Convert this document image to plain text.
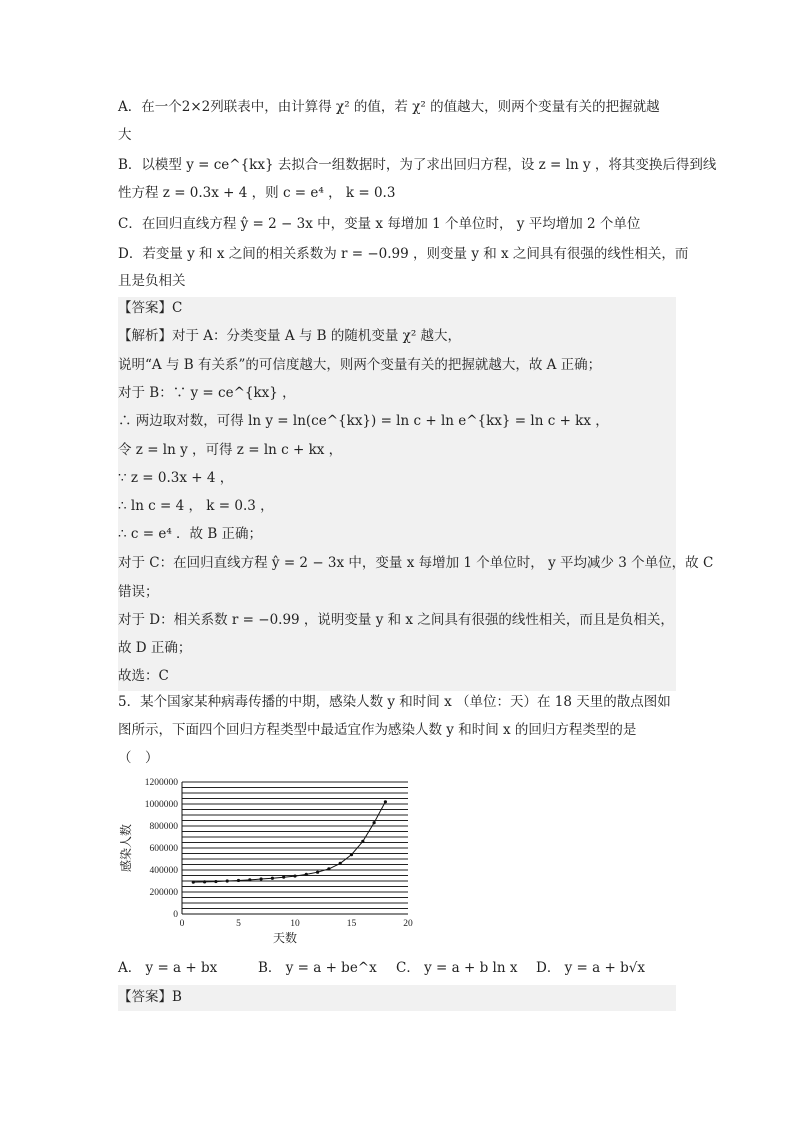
A．在一个2×2列联表中，由计算得 χ² 的值，若 χ² 的值越大，则两个变量有关的把握就越
大
B．以模型 y = ce^{kx} 去拟合一组数据时，为了求出回归方程，设 z = ln y ，将其变换后得到线
性方程 z = 0.3x + 4 ，则 c = e⁴ ， k = 0.3
C．在回归直线方程 ŷ = 2 − 3x 中，变量 x 每增加 1 个单位时， y 平均增加 2 个单位
D．若变量 y 和 x 之间的相关系数为 r = −0.99 ，则变量 y 和 x 之间具有很强的线性相关，而
且是负相关
【答案】C
【解析】对于 A：分类变量 A 与 B 的随机变量 χ² 越大，
说明“A 与 B 有关系”的可信度越大，则两个变量有关的把握就越大，故 A 正确；
对于 B：∵ y = ce^{kx} ，
∴ 两边取对数，可得 ln y = ln(ce^{kx}) = ln c + ln e^{kx} = ln c + kx ，
令 z = ln y ，可得 z = ln c + kx ，
∵ z = 0.3x + 4 ，
∴ ln c = 4 ， k = 0.3 ，
∴ c = e⁴ ．故 B 正确；
对于 C：在回归直线方程 ŷ = 2 − 3x 中，变量 x 每增加 1 个单位时， y 平均减少 3 个单位，故 C
错误；
对于 D：相关系数 r = −0.99 ，说明变量 y 和 x 之间具有很强的线性相关，而且是负相关，
故 D 正确；
故选：C
5．某个国家某种病毒传播的中期，感染人数 y 和时间 x （单位：天）在 18 天里的散点图如
图所示，下面四个回归方程类型中最适宜作为感染人数 y 和时间 x 的回归方程类型的是
（　）
0
200000
400000
600000
800000
1000000
1200000
0	5	10	15	20
天数
感染人数
A． y = a + bx	B． y = a + be^x C． y = a + b ln x D． y = a + b√x
【答案】B
